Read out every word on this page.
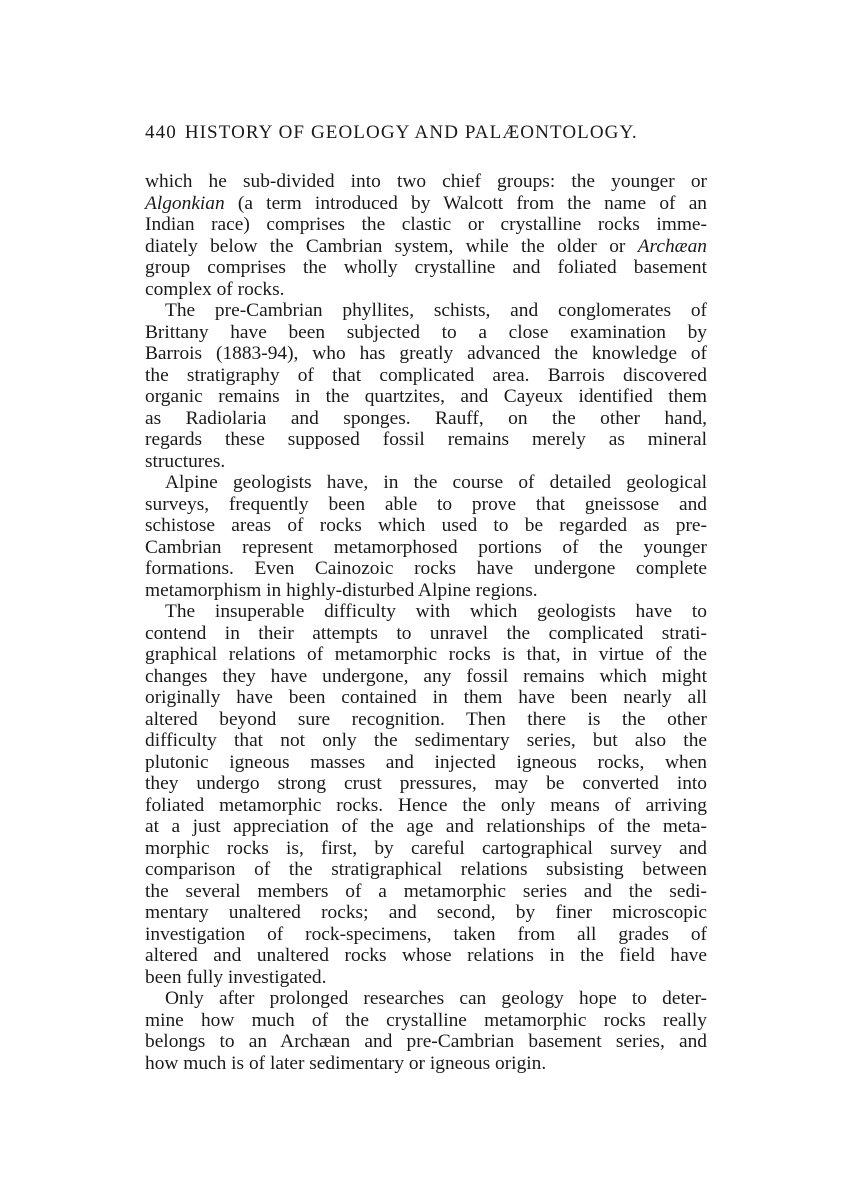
440 HISTORY OF GEOLOGY AND PALÆONTOLOGY.
which he sub-divided into two chief groups: the younger or
Algonkian (a term introduced by Walcott from the name of an
Indian race) comprises the clastic or crystalline rocks imme-
diately below the Cambrian system, while the older or Archæan
group comprises the wholly crystalline and foliated basement
complex of rocks.
The pre-Cambrian phyllites, schists, and conglomerates of
Brittany have been subjected to a close examination by
Barrois (1883-94), who has greatly advanced the knowledge of
the stratigraphy of that complicated area. Barrois discovered
organic remains in the quartzites, and Cayeux identified them
as Radiolaria and sponges. Rauff, on the other hand,
regards these supposed fossil remains merely as mineral
structures.
Alpine geologists have, in the course of detailed geological
surveys, frequently been able to prove that gneissose and
schistose areas of rocks which used to be regarded as pre-
Cambrian represent metamorphosed portions of the younger
formations. Even Cainozoic rocks have undergone complete
metamorphism in highly-disturbed Alpine regions.
The insuperable difficulty with which geologists have to
contend in their attempts to unravel the complicated strati-
graphical relations of metamorphic rocks is that, in virtue of the
changes they have undergone, any fossil remains which might
originally have been contained in them have been nearly all
altered beyond sure recognition. Then there is the other
difficulty that not only the sedimentary series, but also the
plutonic igneous masses and injected igneous rocks, when
they undergo strong crust pressures, may be converted into
foliated metamorphic rocks. Hence the only means of arriving
at a just appreciation of the age and relationships of the meta-
morphic rocks is, first, by careful cartographical survey and
comparison of the stratigraphical relations subsisting between
the several members of a metamorphic series and the sedi-
mentary unaltered rocks; and second, by finer microscopic
investigation of rock-specimens, taken from all grades of
altered and unaltered rocks whose relations in the field have
been fully investigated.
Only after prolonged researches can geology hope to deter-
mine how much of the crystalline metamorphic rocks really
belongs to an Archæan and pre-Cambrian basement series, and
how much is of later sedimentary or igneous origin.
